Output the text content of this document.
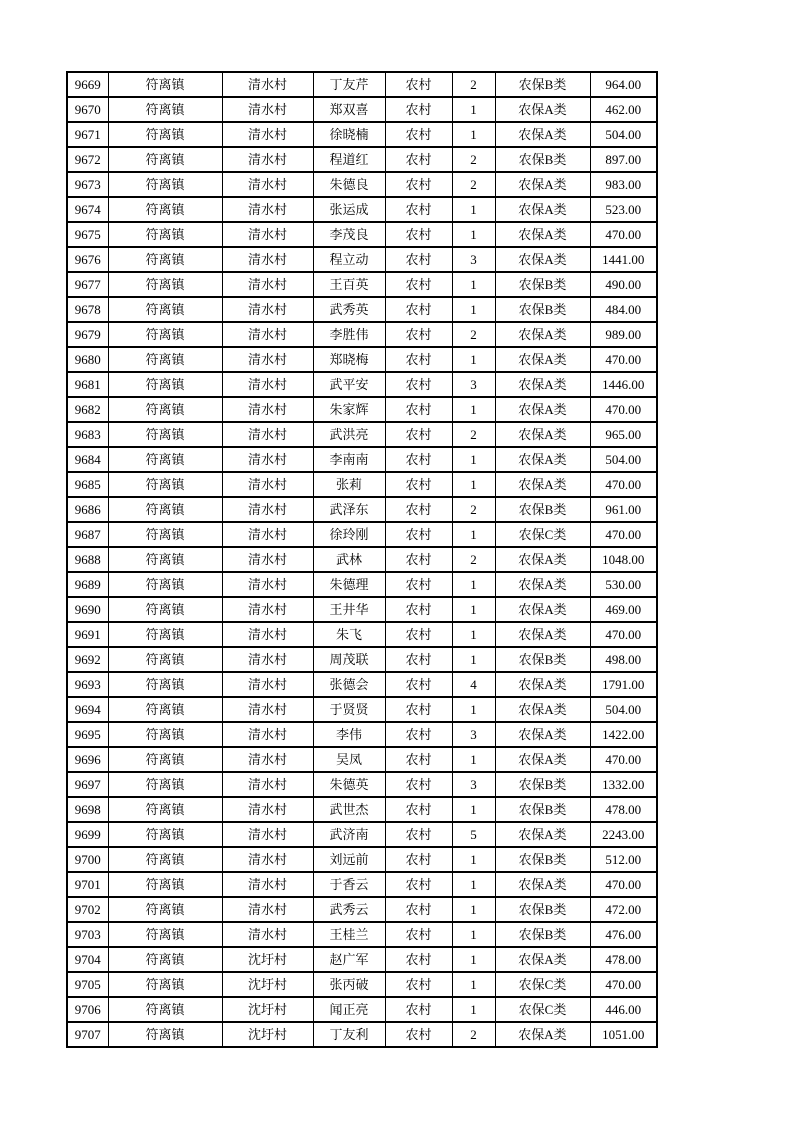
9669	符离镇	清水村	丁友芹	农村	2	农保B类	964.00
9670	符离镇	清水村	郑双喜	农村	1	农保A类	462.00
9671	符离镇	清水村	徐晓楠	农村	1	农保A类	504.00
9672	符离镇	清水村	程道红	农村	2	农保B类	897.00
9673	符离镇	清水村	朱德良	农村	2	农保A类	983.00
9674	符离镇	清水村	张运成	农村	1	农保A类	523.00
9675	符离镇	清水村	李茂良	农村	1	农保A类	470.00
9676	符离镇	清水村	程立动	农村	3	农保A类	1441.00
9677	符离镇	清水村	王百英	农村	1	农保B类	490.00
9678	符离镇	清水村	武秀英	农村	1	农保B类	484.00
9679	符离镇	清水村	李胜伟	农村	2	农保A类	989.00
9680	符离镇	清水村	郑晓梅	农村	1	农保A类	470.00
9681	符离镇	清水村	武平安	农村	3	农保A类	1446.00
9682	符离镇	清水村	朱家辉	农村	1	农保A类	470.00
9683	符离镇	清水村	武洪亮	农村	2	农保A类	965.00
9684	符离镇	清水村	李南南	农村	1	农保A类	504.00
9685	符离镇	清水村	张莉	农村	1	农保A类	470.00
9686	符离镇	清水村	武泽东	农村	2	农保B类	961.00
9687	符离镇	清水村	徐玲刚	农村	1	农保C类	470.00
9688	符离镇	清水村	武林	农村	2	农保A类	1048.00
9689	符离镇	清水村	朱德理	农村	1	农保A类	530.00
9690	符离镇	清水村	王井华	农村	1	农保A类	469.00
9691	符离镇	清水村	朱飞	农村	1	农保A类	470.00
9692	符离镇	清水村	周茂联	农村	1	农保B类	498.00
9693	符离镇	清水村	张德会	农村	4	农保A类	1791.00
9694	符离镇	清水村	于贤贤	农村	1	农保A类	504.00
9695	符离镇	清水村	李伟	农村	3	农保A类	1422.00
9696	符离镇	清水村	吴凤	农村	1	农保A类	470.00
9697	符离镇	清水村	朱德英	农村	3	农保B类	1332.00
9698	符离镇	清水村	武世杰	农村	1	农保B类	478.00
9699	符离镇	清水村	武济南	农村	5	农保A类	2243.00
9700	符离镇	清水村	刘远前	农村	1	农保B类	512.00
9701	符离镇	清水村	于香云	农村	1	农保A类	470.00
9702	符离镇	清水村	武秀云	农村	1	农保B类	472.00
9703	符离镇	清水村	王桂兰	农村	1	农保B类	476.00
9704	符离镇	沈圩村	赵广军	农村	1	农保A类	478.00
9705	符离镇	沈圩村	张丙破	农村	1	农保C类	470.00
9706	符离镇	沈圩村	闻正亮	农村	1	农保C类	446.00
9707	符离镇	沈圩村	丁友利	农村	2	农保A类	1051.00
